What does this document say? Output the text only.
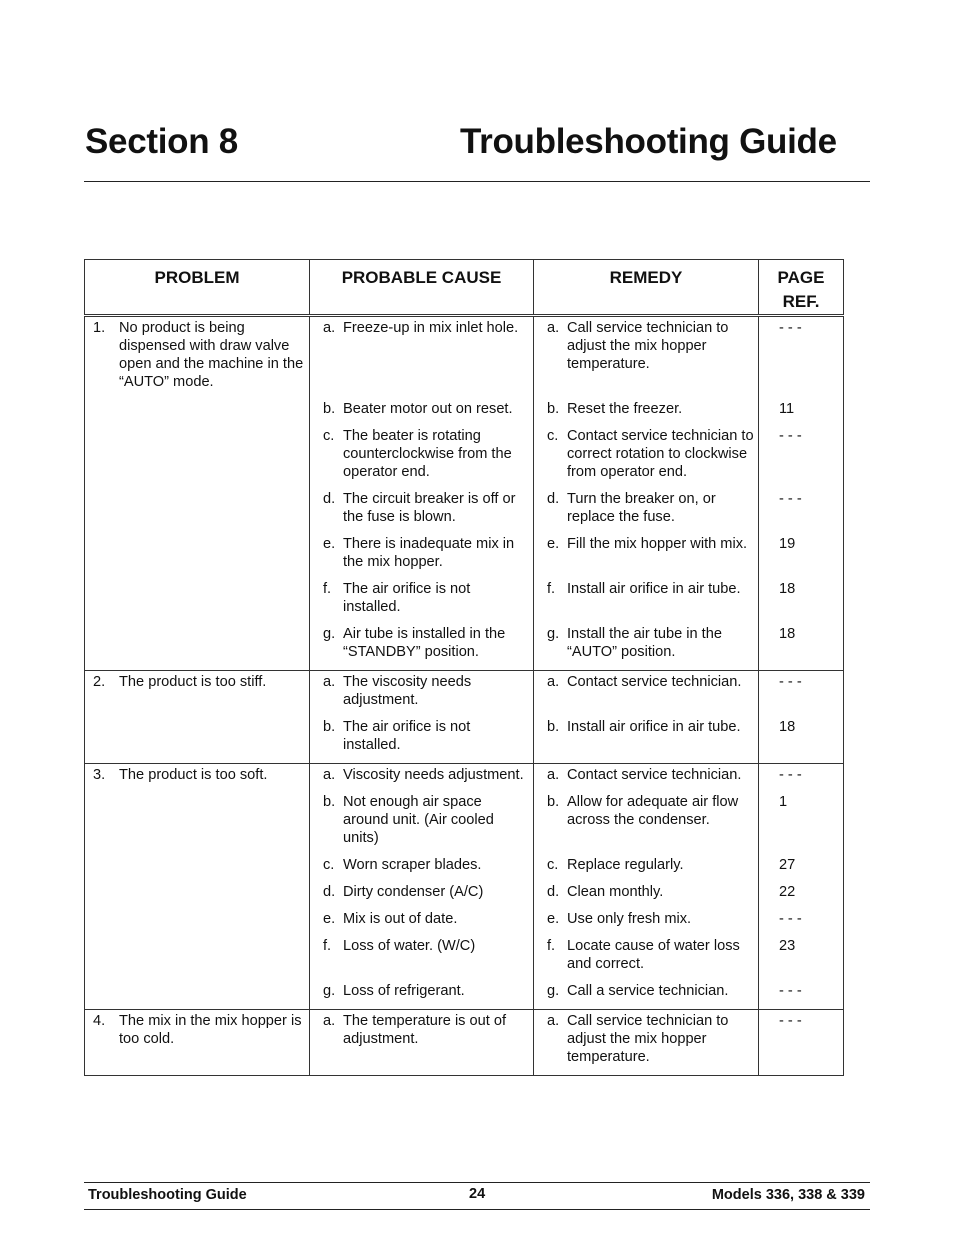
Section 8	Troubleshooting Guide
PROBLEM	PROBABLE CAUSE	REMEDY	PAGE REF.

1. No product is being dispensed with draw valve open and the machine in the “AUTO” mode.	a. Freeze-up in mix inlet hole.	a. Call service technician to adjust the mix hopper temperature.	- - -

	b. Beater motor out on reset.	b. Reset the freezer.	11

	c. The beater is rotating counterclockwise from the operator end.	c. Contact service technician to correct rotation to clockwise from operator end.	- - -

	d. The circuit breaker is off or the fuse is blown.	d. Turn the breaker on, or replace the fuse.	- - -

	e. There is inadequate mix in the mix hopper.	e. Fill the mix hopper with mix.	19

	f. The air orifice is not installed.	f. Install air orifice in air tube.	18

	g. Air tube is installed in the “STANDBY” position.	g. Install the air tube in the “AUTO” position.	18

2. The product is too stiff.	a. The viscosity needs adjustment.	a. Contact service technician.	- - -

	b. The air orifice is not installed.	b. Install air orifice in air tube.	18

3. The product is too soft.	a. Viscosity needs adjustment.	a. Contact service technician.	- - -

	b. Not enough air space around unit. (Air cooled units)	b. Allow for adequate air flow across the condenser.	1

	c. Worn scraper blades.	c. Replace regularly.	27

	d. Dirty condenser (A/C)	d. Clean monthly.	22

	e. Mix is out of date.	e. Use only fresh mix.	- - -

	f. Loss of water. (W/C)	f. Locate cause of water loss and correct.	23

	g. Loss of refrigerant.	g. Call a service technician.	- - -

4. The mix in the mix hopper is too cold.	a. The temperature is out of adjustment.	a. Call service technician to adjust the mix hopper temperature.	- - -
Troubleshooting Guide	24	Models 336, 338 & 339
